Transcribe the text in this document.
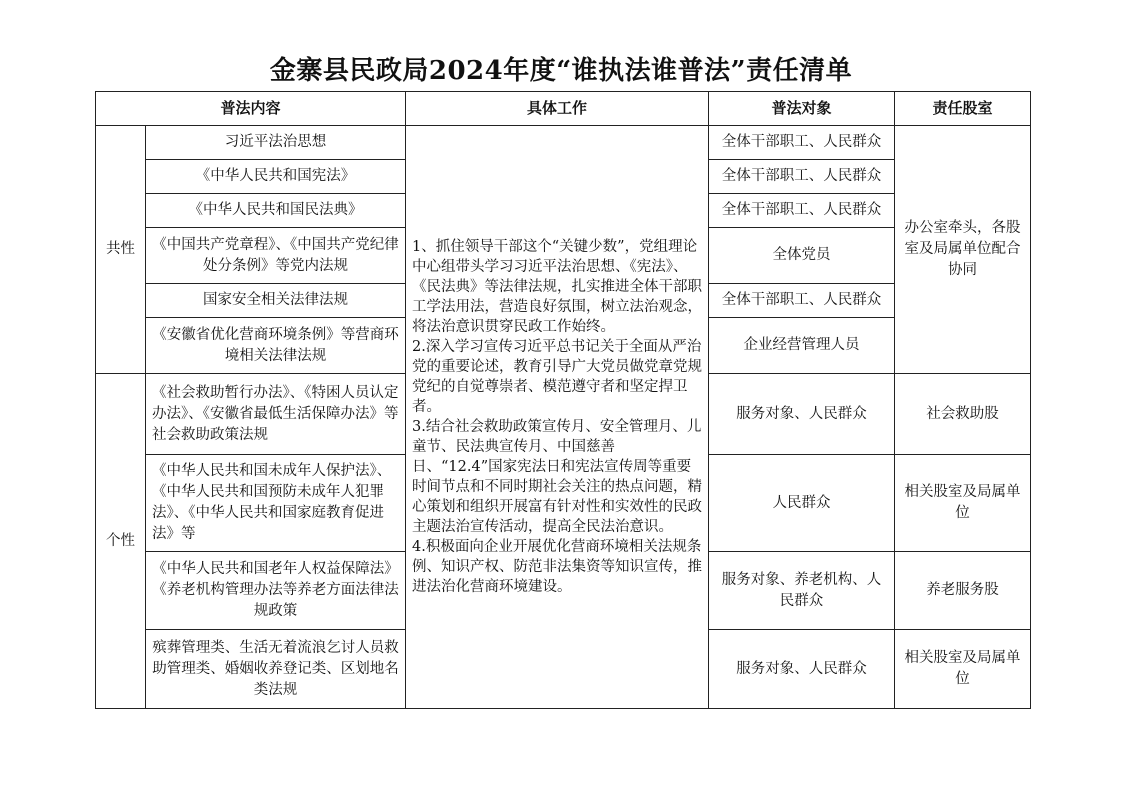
金寨县民政局2024年度“谁执法谁普法”责任清单
普法内容		具体工作	普法对象	责任股室
共性	习近平法治思想	1、抓住领导干部这个“关键少数”，党组理论中心组带头学习习近平法治思想、《宪法》、《民法典》等法律法规，扎实推进全体干部职工学法用法，营造良好氛围，树立法治观念，将法治意识贯穿民政工作始终。
2.深入学习宣传习近平总书记关于全面从严治党的重要论述，教育引导广大党员做党章党规党纪的自觉尊崇者、模范遵守者和坚定捍卫者。
3.结合社会救助政策宣传月、安全管理月、儿童节、民法典宣传月、中国慈善日、“12.4”国家宪法日和宪法宣传周等重要时间节点和不同时期社会关注的热点问题，精心策划和组织开展富有针对性和实效性的民政主题法治宣传活动，提高全民法治意识。
4.积极面向企业开展优化营商环境相关法规条例、知识产权、防范非法集资等知识宣传，推进法治化营商环境建设。	全体干部职工、人民群众	办公室牵头，各股室及局属单位配合协同
	《中华人民共和国宪法》		全体干部职工、人民群众	
	《中华人民共和国民法典》		全体干部职工、人民群众	
	《中国共产党章程》、《中国共产党纪律处分条例》等党内法规		全体党员	
	国家安全相关法律法规		全体干部职工、人民群众	
	《安徽省优化营商环境条例》等营商环境相关法律法规		企业经营管理人员	
个性	《社会救助暂行办法》、《特困人员认定办法》、《安徽省最低生活保障办法》等社会救助政策法规		服务对象、人民群众	社会救助股
	《中华人民共和国未成年人保护法》、《中华人民共和国预防未成年人犯罪法》、《中华人民共和国家庭教育促进法》等		人民群众	相关股室及局属单位
	《中华人民共和国老年人权益保障法》《养老机构管理办法等养老方面法律法规政策		服务对象、养老机构、人民群众	养老服务股
	殡葬管理类、生活无着流浪乞讨人员救助管理类、婚姻收养登记类、区划地名类法规		服务对象、人民群众	相关股室及局属单位
